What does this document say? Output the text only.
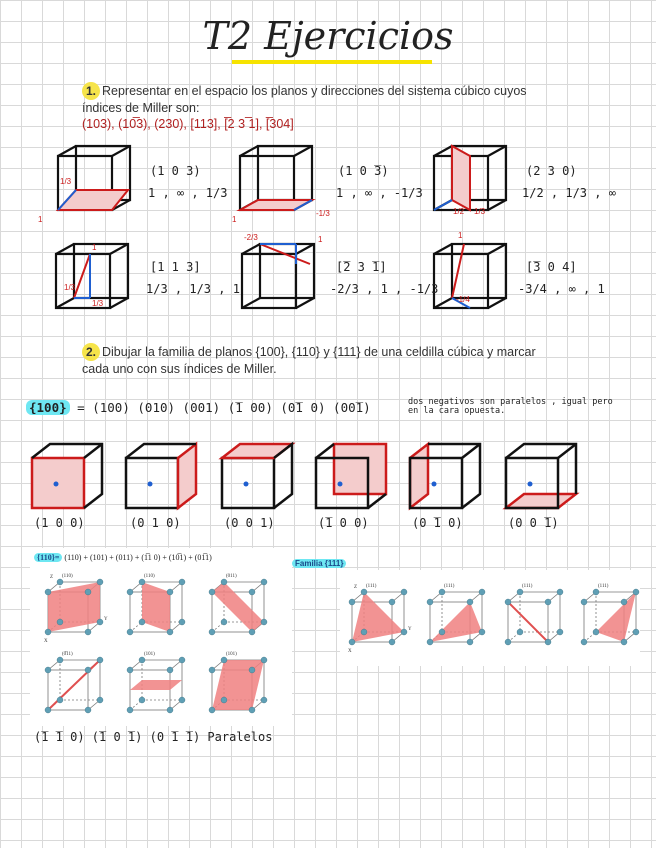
T2 Ejercicios
1. Representar en el espacio los planos y direcciones del sistema cúbico cuyos
índices de Miller son:
(103), (10̅3), (230), [113], [̅2 3 ̅1], [̅304]
1
1/3
-1/3
1
1/2 1/3
1
1/3
1/3
-2/3	1	1
-1/4
(1 0 3)
1 , ∞ , 1/3
(1 0 ̅3)
1 , ∞ , -1/3
(2 3 0)
1/2 , 1/3 , ∞
[1 1 3]
1/3 , 1/3 , 1
[̅2 3 ̅1]
-2/3 , 1 , -1/3
[̅3 0 4]
-3/4 , ∞ , 1
2. Dibujar la familia de planos {100}, {110} y {111} de una celdilla cúbica y marcar
cada uno con sus índices de Miller.
{100} = (100) (010) (001) (̅1 00) (0̅1 0) (00̅1)	dos negativos son paralelos , igual pero
en la cara opuesta.
(1 0 0)	(0 1 0)	(0 0 1)	(̅1 0 0)	(0 ̅1 0)	(0 0 ̅1)
{110}= (110) + (101) + (011) + (1̅1 0) + (10̅1) + (01̅1)
Familia {111}
(110)	(110)	(011)
(0̅11)	(101)	(101)
(111)	(111)	(111)	(111)
X
Z
Y
X
Z
Y
(̅1 ̅1 0) (̅1 0 ̅1) (0 ̅1 ̅1) Paralelos
